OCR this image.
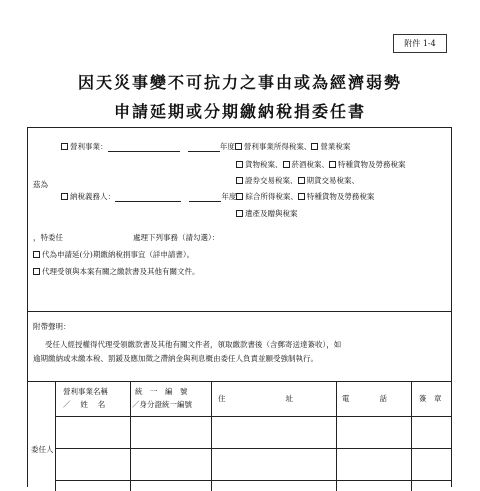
附件 1-4
因天災事變不可抗力之事由或為經濟弱勢
申請延期或分期繳納稅捐委任書
茲為
營利事業：	年度 營利事業所得稅案、 營業稅案
貨物稅案、 菸酒稅案、 特種貨物及勞務稅案
證券交易稅案、 期貨交易稅案、
納稅義務人：	年度 綜合所得稅案、 特種貨物及勞務稅案
遺產及贈與稅案
，特委任	處理下列事務（請勾選）：
代為申請延(分)期繳納稅捐事宜（詳申請書）。
代理受領與本案有關之繳款書及其他有關文件。
附帶聲明：
受任人經授權得代理受領繳款書及其他有關文件者，領取繳款書後（含郵寄送達簽收），如
逾期繳納或未繳本稅、罰鍰及應加徵之滯納金與利息概由委任人負責並願受強制執行。
委任人
營利事業名稱
／　 姓　 名
統　一　編　號
／身分證統一編號
住　　　　　　　　址	電　　　　話	簽　章
